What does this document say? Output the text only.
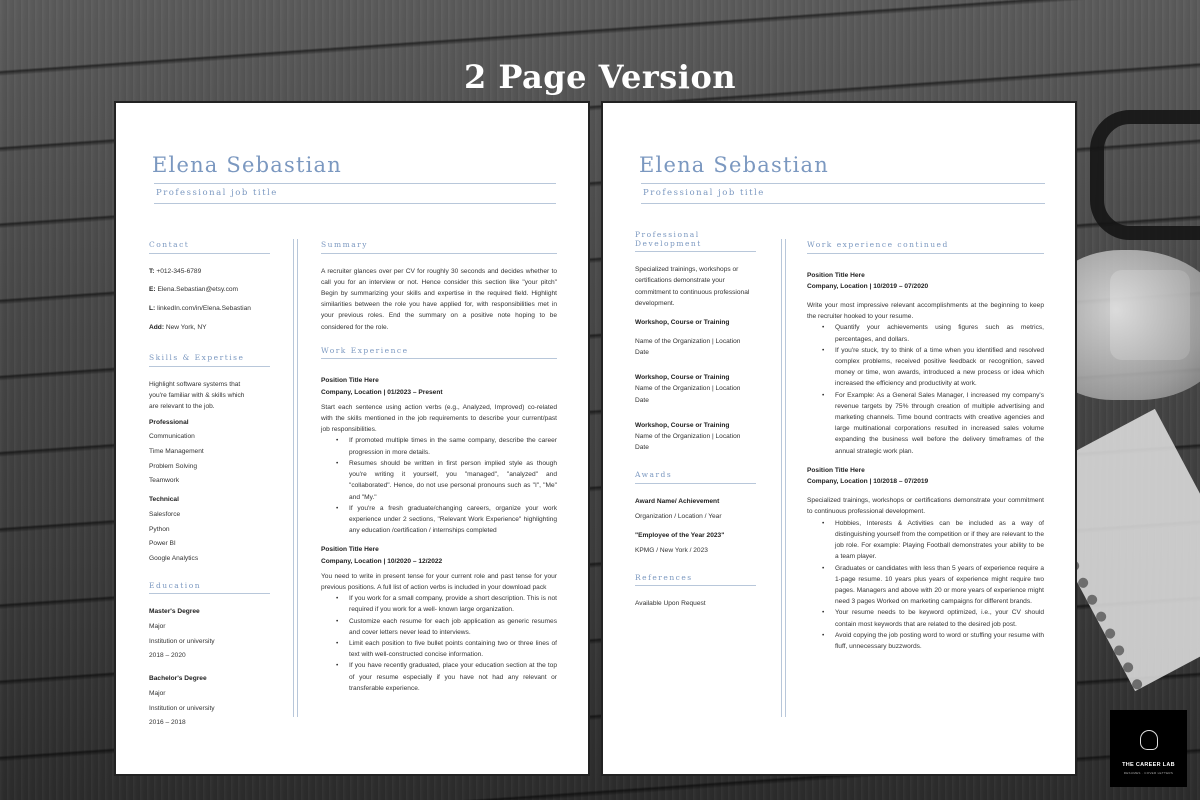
2 Page Version
Elena Sebastian
Professional job title
Contact
T: +012-345-6789
E: Elena.Sebastian@etsy.com
L: linkedIn.com/in/Elena.Sebastian
Add: New York, NY
Skills & Expertise
Highlight software systems that
you're familiar with & skills which
are relevant to the job.
Professional
Communication
Time Management
Problem Solving
Teamwork
Technical
Salesforce
Python
Power BI
Google Analytics
Education
Master's Degree
Major
Institution or university
2018 – 2020
Bachelor's Degree
Major
Institution or university
2016 – 2018
Summary
A recruiter glances over per CV for roughly 30 seconds and decides whether to call you for an interview or not. Hence consider this section like "your pitch" Begin by summarizing your skills and expertise in the required field. Highlight similarities between the role you have applied for, with responsibilities met in your previous roles. End the summary on a positive note hoping to be considered for the role.
Work Experience
Position Title Here
Company, Location | 01/2023 – Present
Start each sentence using action verbs (e.g., Analyzed, Improved) co-related with the skills mentioned in the job requirements to describe your current/past job responsibilities.
• If promoted multiple times in the same company, describe the career progression in more details.
• Resumes should be written in first person implied style as though you're writing it yourself, you "managed", "analyzed" and "collaborated". Hence, do not use personal pronouns such as "I", "Me" and "My."
• If you're a fresh graduate/changing careers, organize your work experience under 2 sections, "Relevant Work Experience" highlighting any education /certification / internships completed
Position Title Here
Company, Location | 10/2020 – 12/2022
You need to write in present tense for your current role and past tense for your previous positions. A full list of action verbs is included in your download pack
• If you work for a small company, provide a short description. This is not required if you work for a well- known large organization.
• Customize each resume for each job application as generic resumes and cover letters never lead to interviews.
• Limit each position to five bullet points containing two or three lines of text with well-constructed concise information.
• If you have recently graduated, place your education section at the top of your resume especially if you have not had any relevant or transferable experience.
Elena Sebastian
Professional job title
Professional
Development
Specialized trainings, workshops or certifications demonstrate your commitment to continuous professional development.
Workshop, Course or Training
Name of the Organization | Location
Date
Workshop, Course or Training
Name of the Organization | Location
Date
Workshop, Course or Training
Name of the Organization | Location
Date
Awards
Award Name/ Achievement
Organization / Location / Year
"Employee of the Year 2023"
KPMG / New York / 2023
References
Available Upon Request
Work experience continued
Position Title Here
Company, Location | 10/2019 – 07/2020
Write your most impressive relevant accomplishments at the beginning to keep the recruiter hooked to your resume.
• Quantify your achievements using figures such as metrics, percentages, and dollars.
• If you're stuck, try to think of a time when you identified and resolved complex problems, received positive feedback or recognition, saved money or time, won awards, introduced a new process or idea which increased the efficiency and productivity at work.
• For Example: As a General Sales Manager, I increased my company's revenue targets by 75% through creation of multiple advertising and marketing channels. Time bound contracts with creative agencies and large multinational corporations resulted in increased sales volume expanding the business well before the delivery timeframes of the annual strategic work plan.
Position Title Here
Company, Location | 10/2018 – 07/2019
Specialized trainings, workshops or certifications demonstrate your commitment to continuous professional development.
• Hobbies, Interests & Activities can be included as a way of distinguishing yourself from the competition or if they are relevant to the job role. For example: Playing Football demonstrates your ability to be a team player.
• Graduates or candidates with less than 5 years of experience require a 1-page resume. 10 years plus years of experience might require two pages. Managers and above with 20 or more years of experience might need 3 pages Worked on marketing campaigns for different brands.
• Your resume needs to be keyword optimized, i.e., your CV should contain most keywords that are related to the desired job post.
• Avoid copying the job posting word to word or stuffing your resume with fluff, unnecessary buzzwords.
THE CAREER LAB
RESUMES · COVER LETTERS
